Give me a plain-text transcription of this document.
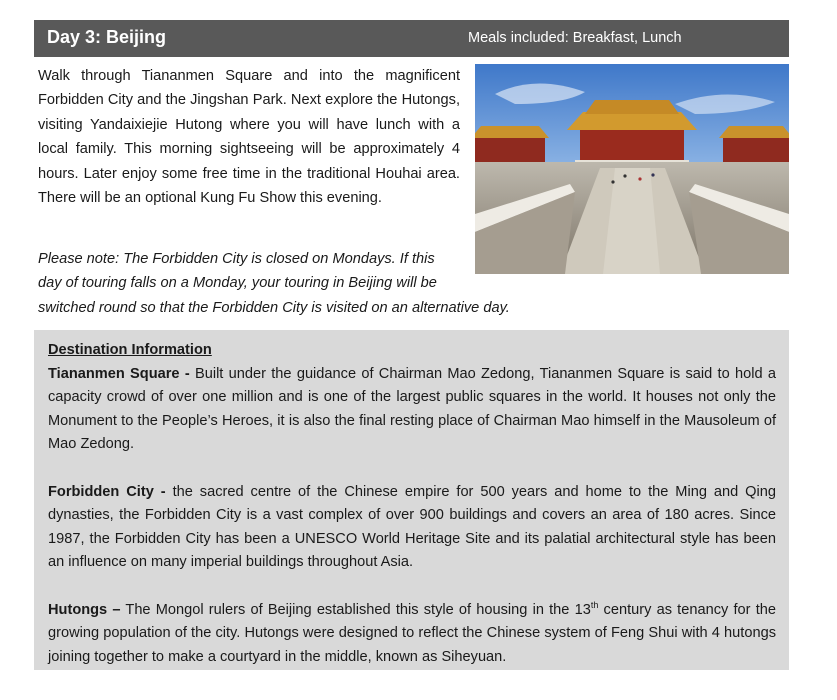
Day 3: Beijing	Meals included: Breakfast, Lunch

Walk through Tiananmen Square and into the magnificent Forbidden City and the Jingshan Park. Next explore the Hutongs, visiting Yandaixiejie Hutong where you will have lunch with a local family. This morning sightseeing will be approximately 4 hours. Later enjoy some free time in the traditional Houhai area. There will be an optional Kung Fu Show this evening.

Please note: The Forbidden City is closed on Mondays. If this
day of touring falls on a Monday, your touring in Beijing will be
switched round so that the Forbidden City is visited on an alternative day.

Destination Information

Tiananmen Square - Built under the guidance of Chairman Mao Zedong, Tiananmen Square is said to hold a capacity crowd of over one million and is one of the largest public squares in the world. It houses not only the Monument to the People’s Heroes, it is also the final resting place of Chairman Mao himself in the Mausoleum of Mao Zedong.

Forbidden City - the sacred centre of the Chinese empire for 500 years and home to the Ming and Qing dynasties, the Forbidden City is a vast complex of over 900 buildings and covers an area of 180 acres. Since 1987, the Forbidden City has been a UNESCO World Heritage Site and its palatial architectural style has been an influence on many imperial buildings throughout Asia.

Hutongs – The Mongol rulers of Beijing established this style of housing in the 13th century as tenancy for the growing population of the city. Hutongs were designed to reflect the Chinese system of Feng Shui with 4 hutongs joining together to make a courtyard in the middle, known as Siheyuan.
